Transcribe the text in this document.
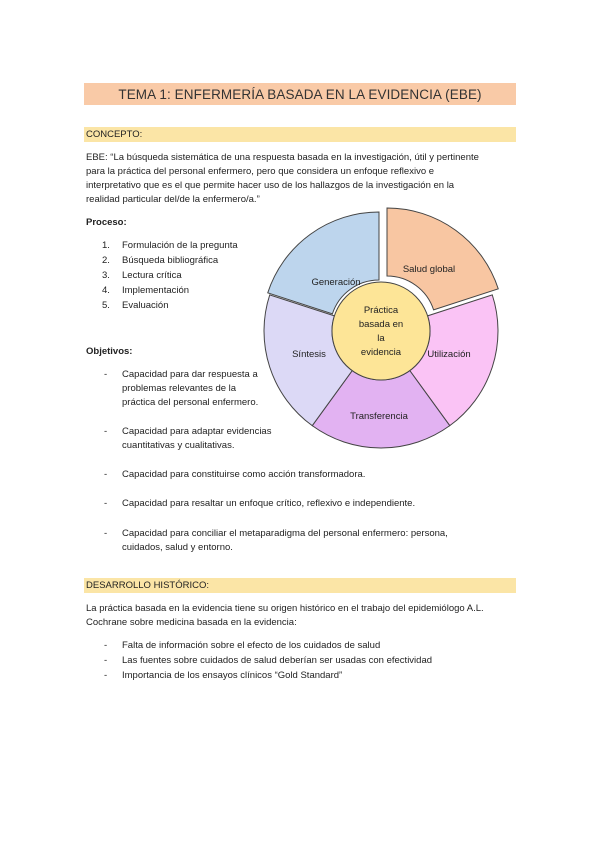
TEMA 1: ENFERMERÍA BASADA EN LA EVIDENCIA (EBE)
CONCEPTO:
EBE: “La búsqueda sistemática de una respuesta basada en la investigación, útil y pertinente
para la práctica del personal enfermero, pero que considera un enfoque reflexivo e
interpretativo que es el que permite hacer uso de los hallazgos de la investigación en la
realidad particular del/de la enfermero/a.”
Proceso:
1. Formulación de la pregunta
2. Búsqueda bibliográfica
3. Lectura crítica
4. Implementación
5. Evaluación	Práctica
basada en
la
evidencia
Salud global
Utilización
Transferencia
Síntesis
Generación
Objetivos:
- Capacidad para dar respuesta a
problemas relevantes de la
práctica del personal enfermero.
- Capacidad para adaptar evidencias
cuantitativas y cualitativas.
- Capacidad para constituirse como acción transformadora.
- Capacidad para resaltar un enfoque crítico, reflexivo e independiente.
- Capacidad para conciliar el metaparadigma del personal enfermero: persona,
cuidados, salud y entorno.
DESARROLLO HISTÓRICO:
La práctica basada en la evidencia tiene su origen histórico en el trabajo del epidemiólogo A.L.
Cochrane sobre medicina basada en la evidencia:
- Falta de información sobre el efecto de los cuidados de salud
- Las fuentes sobre cuidados de salud deberían ser usadas con efectividad
- Importancia de los ensayos clínicos “Gold Standard”
